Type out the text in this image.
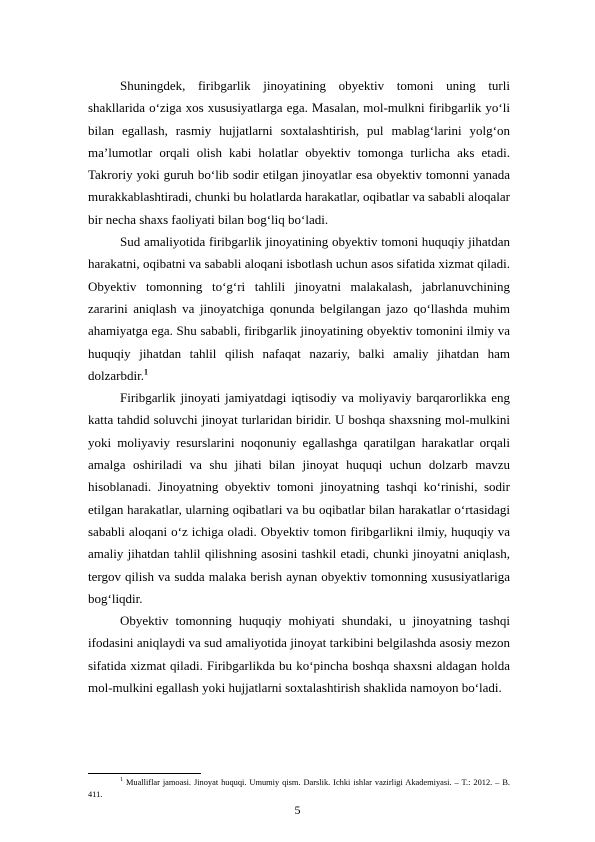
Shuningdek, firibgarlik jinoyatining obyektiv tomoni uning turli shakllarida o‘ziga xos xususiyatlarga ega. Masalan, mol-mulkni firibgarlik yo‘li bilan egallash, rasmiy hujjatlarni soxtalashtirish, pul mablag‘larini yolg‘on ma’lumotlar orqali olish kabi holatlar obyektiv tomonga turlicha aks etadi. Takroriy yoki guruh bo‘lib sodir etilgan jinoyatlar esa obyektiv tomonni yanada murakkablashtiradi, chunki bu holatlarda harakatlar, oqibatlar va sababli aloqalar bir necha shaxs faoliyati bilan bog‘liq bo‘ladi.

Sud amaliyotida firibgarlik jinoyatining obyektiv tomoni huquqiy jihatdan harakatni, oqibatni va sababli aloqani isbotlash uchun asos sifatida xizmat qiladi. Obyektiv tomonning to‘g‘ri tahlili jinoyatni malakalash, jabrlanuvchining zararini aniqlash va jinoyatchiga qonunda belgilangan jazo qo‘llashda muhim ahamiyatga ega. Shu sababli, firibgarlik jinoyatining obyektiv tomonini ilmiy va huquqiy jihatdan tahlil qilish nafaqat nazariy, balki amaliy jihatdan ham dolzarbdir.$^1$

Firibgarlik jinoyati jamiyatdagi iqtisodiy va moliyaviy barqarorlikka eng katta tahdid soluvchi jinoyat turlaridan biridir. U boshqa shaxsning mol-mulkini yoki moliyaviy resurslarini noqonuniy egallashga qaratilgan harakatlar orqali amalga oshiriladi va shu jihati bilan jinoyat huquqi uchun dolzarb mavzu hisoblanadi. Jinoyatning obyektiv tomoni jinoyatning tashqi ko‘rinishi, sodir etilgan harakatlar, ularning oqibatlari va bu oqibatlar bilan harakatlar o‘rtasidagi sababli aloqani o‘z ichiga oladi. Obyektiv tomon firibgarlikni ilmiy, huquqiy va amaliy jihatdan tahlil qilishning asosini tashkil etadi, chunki jinoyatni aniqlash, tergov qilish va sudda malaka berish aynan obyektiv tomonning xususiyatlariga bog‘liqdir.

Obyektiv tomonning huquqiy mohiyati shundaki, u jinoyatning tashqi ifodasini aniqlaydi va sud amaliyotida jinoyat tarkibini belgilashda asosiy mezon sifatida xizmat qiladi. Firibgarlikda bu ko‘pincha boshqa shaxsni aldagan holda mol-mulkini egallash yoki hujjatlarni soxtalashtirish shaklida namoyon bo‘ladi.

$^1$ Mualliflar jamoasi. Jinoyat huquqi. Umumiy qism. Darslik. Ichki ishlar vazirligi Akademiyasi. – T.: 2012. – B. 411.

5
